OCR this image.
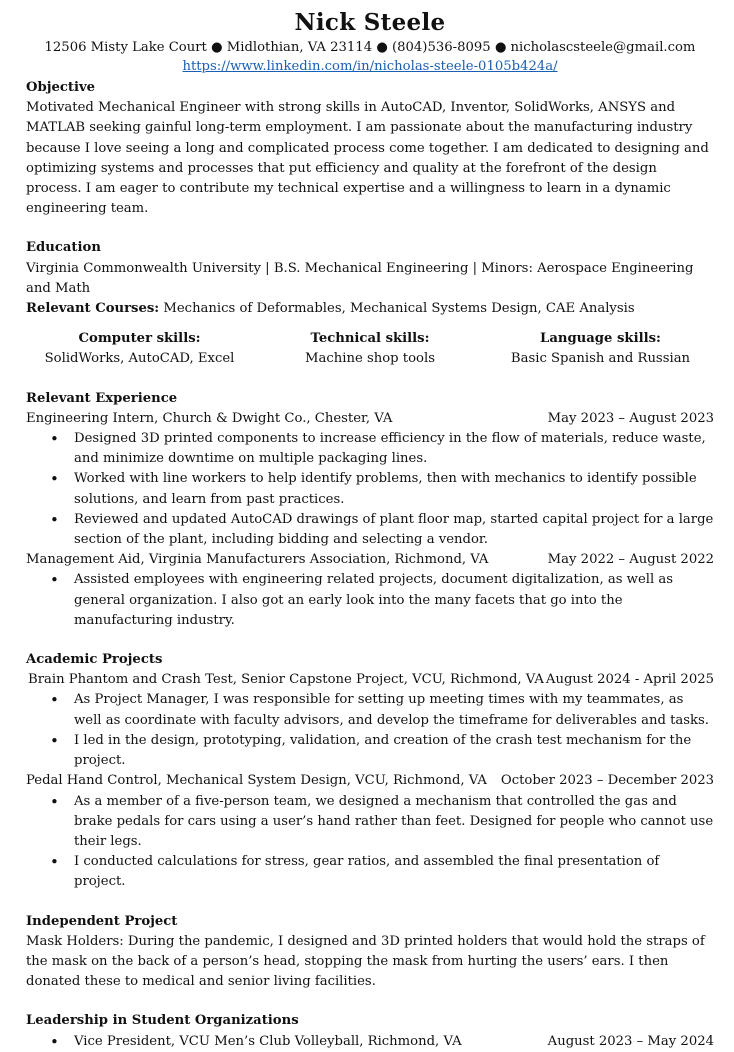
Nick Steele
12506 Misty Lake Court ● Midlothian, VA 23114 ● (804)536-8095 ● nicholascsteele@gmail.com
https://www.linkedin.com/in/nicholas-steele-0105b424a/
Objective

Motivated Mechanical Engineer with strong skills in AutoCAD, Inventor, SolidWorks, ANSYS and MATLAB seeking gainful long-term employment. I am passionate about the manufacturing industry because I love seeing a long and complicated process come together. I am dedicated to designing and optimizing systems and processes that put efficiency and quality at the forefront of the design process. I am eager to contribute my technical expertise and a willingness to learn in a dynamic engineering team.

Education
Virginia Commonwealth University | B.S. Mechanical Engineering | Minors: Aerospace Engineering and Math
Relevant Courses: Mechanics of Deformables, Mechanical Systems Design, CAE Analysis
Computer skills:
SolidWorks, AutoCAD, Excel
Technical skills:
Machine shop tools
Language skills:
Basic Spanish and Russian
Relevant Experience
Engineering Intern, Church & Dwight Co., Chester, VA	May 2023 – August 2023
• Designed 3D printed components to increase efficiency in the flow of materials, reduce waste, and minimize downtime on multiple packaging lines.
• Worked with line workers to help identify problems, then with mechanics to identify possible solutions, and learn from past practices.
• Reviewed and updated AutoCAD drawings of plant floor map, started capital project for a large section of the plant, including bidding and selecting a vendor.
Management Aid, Virginia Manufacturers Association, Richmond, VA	May 2022 – August 2022
• Assisted employees with engineering related projects, document digitalization, as well as general organization. I also got an early look into the many facets that go into the manufacturing industry.
Academic Projects
Brain Phantom and Crash Test, Senior Capstone Project, VCU, Richmond, VA August 2024 - April 2025
• As Project Manager, I was responsible for setting up meeting times with my teammates, as well as coordinate with faculty advisors, and develop the timeframe for deliverables and tasks.
• I led in the design, prototyping, validation, and creation of the crash test mechanism for the project.
Pedal Hand Control, Mechanical System Design, VCU, Richmond, VA October 2023 – December 2023
• As a member of a five-person team, we designed a mechanism that controlled the gas and brake pedals for cars using a user’s hand rather than feet. Designed for people who cannot use their legs.
• I conducted calculations for stress, gear ratios, and assembled the final presentation of project.
Independent Project

Mask Holders: During the pandemic, I designed and 3D printed holders that would hold the straps of the mask on the back of a person’s head, stopping the mask from hurting the users’ ears. I then donated these to medical and senior living facilities.

Leadership in Student Organizations
• Vice President, VCU Men’s Club Volleyball, Richmond, VA	August 2023 – May 2024
